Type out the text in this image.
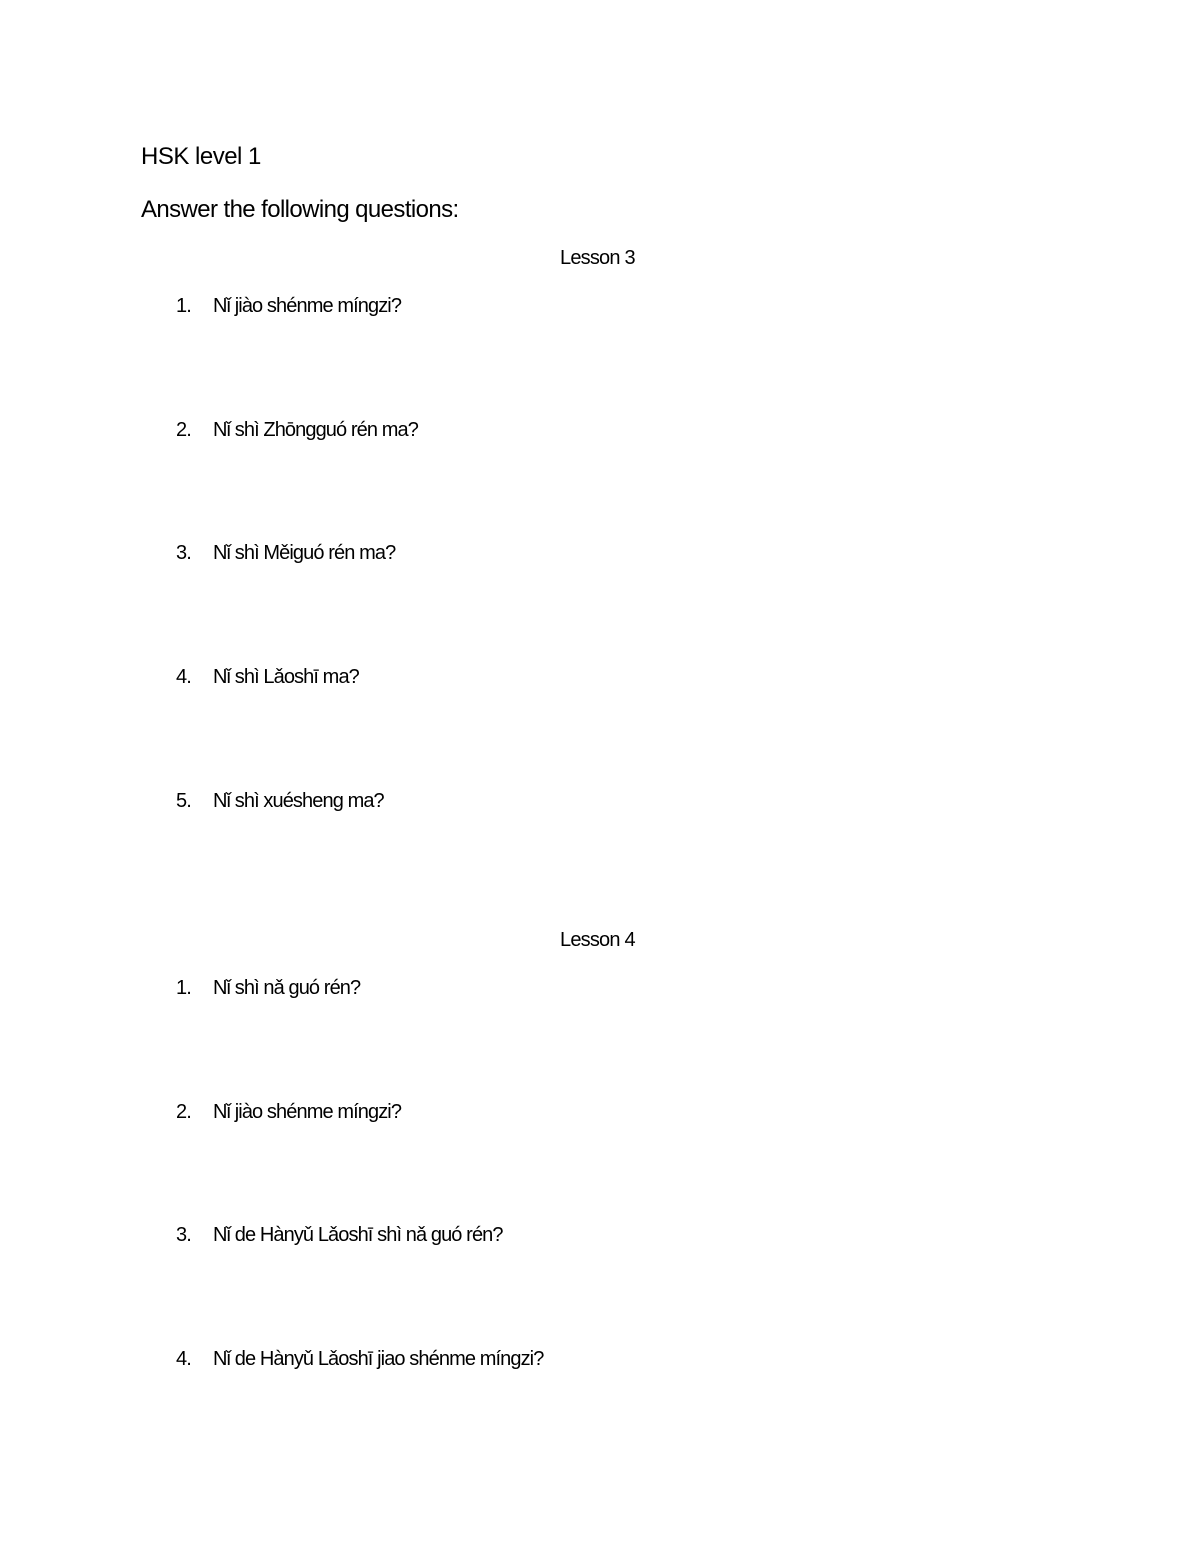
HSK level 1
Answer the following questions:
Lesson 3
1. Nǐ jiào shénme míngzi?
2. Nǐ shì Zhōngguó rén ma?
3. Nǐ shì Měiguó rén ma?
4. Nǐ shì Lǎoshī ma?
5. Nǐ shì xuésheng ma?
Lesson 4
1. Nǐ shì nǎ guó rén?
2. Nǐ jiào shénme míngzi?
3. Nǐ de Hànyǔ Lǎoshī shì nǎ guó rén?
4. Nǐ de Hànyǔ Lǎoshī jiao shénme míngzi?
